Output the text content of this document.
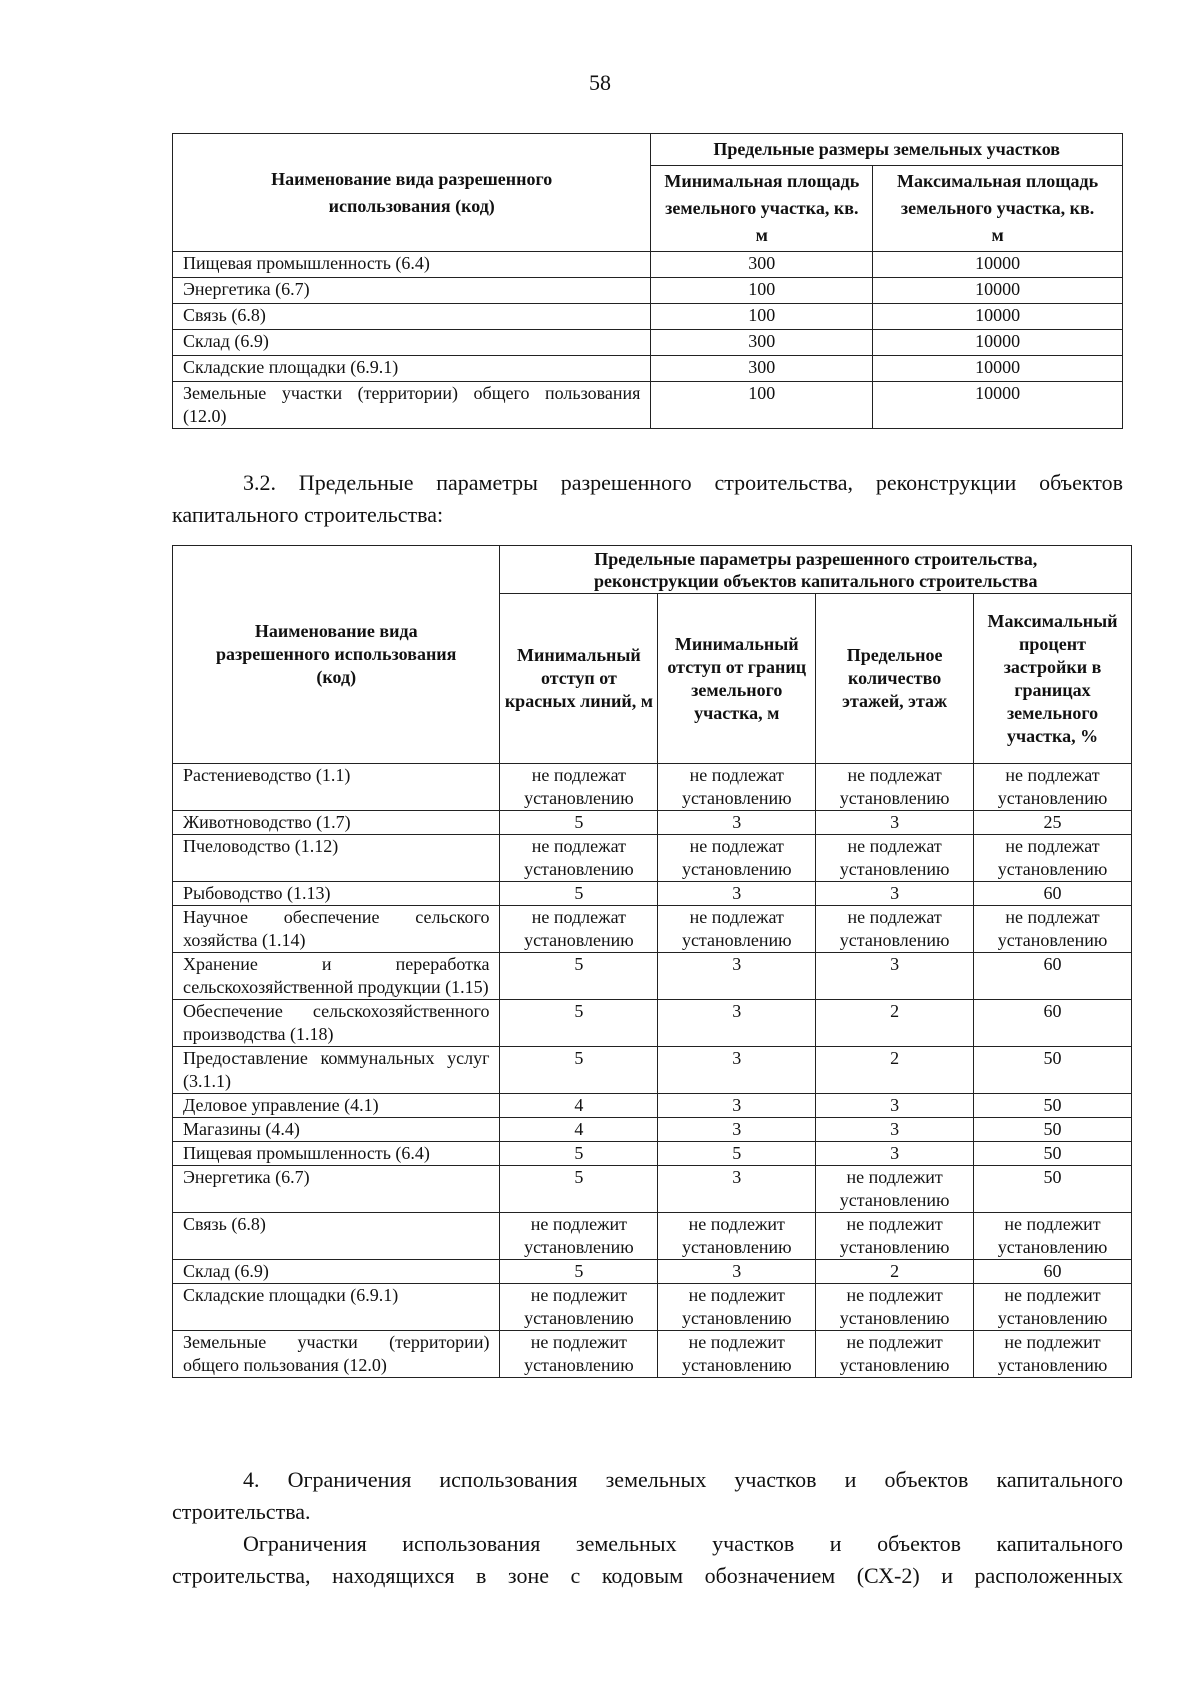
58
Наименование вида разрешенного использования (код)	Предельные размеры земельных участков	
	Минимальная площадь земельного участка, кв. м	Максимальная площадь земельного участка, кв. м
Пищевая промышленность (6.4)	300	10000
Энергетика (6.7)	100	10000
Связь (6.8)	100	10000
Склад (6.9)	300	10000
Складские площадки (6.9.1)	300	10000
Земельные участки (территории) общего пользования (12.0)	100	10000
3.2. Предельные параметры разрешенного строительства, реконструкции объектов
капитального строительства:
Наименование вида разрешенного использования (код)	Предельные параметры разрешенного строительства, реконструкции объектов капитального строительства			
	Минимальный отступ от красных линий, м	Минимальный отступ от границ земельного участка, м	Предельное количество этажей, этаж	Максимальный процент застройки в границах земельного участка, %
Растениеводство (1.1)	не подлежат установлению	не подлежат установлению	не подлежат установлению	не подлежат установлению
Животноводство (1.7)	5	3	3	25
Пчеловодство (1.12)	не подлежат установлению	не подлежат установлению	не подлежат установлению	не подлежат установлению
Рыбоводство (1.13)	5	3	3	60
Научное обеспечение сельского хозяйства (1.14)	не подлежат установлению	не подлежат установлению	не подлежат установлению	не подлежат установлению
Хранение и переработка сельскохозяйственной продукции (1.15)	5	3	3	60
Обеспечение сельскохозяйственного производства (1.18)	5	3	2	60
Предоставление коммунальных услуг (3.1.1)	5	3	2	50
Деловое управление (4.1)	4	3	3	50
Магазины (4.4)	4	3	3	50
Пищевая промышленность (6.4)	5	5	3	50
Энергетика (6.7)	5	3	не подлежит установлению	50
Связь (6.8)	не подлежит установлению	не подлежит установлению	не подлежит установлению	не подлежит установлению
Склад (6.9)	5	3	2	60
Складские площадки (6.9.1)	не подлежит установлению	не подлежит установлению	не подлежит установлению	не подлежит установлению
Земельные участки (территории) общего пользования (12.0)	не подлежит установлению	не подлежит установлению	не подлежит установлению	не подлежит установлению
4. Ограничения использования земельных участков и объектов капитального
строительства.
Ограничения использования земельных участков и объектов капитального
строительства, находящихся в зоне с кодовым обозначением (СХ-2) и расположенных
